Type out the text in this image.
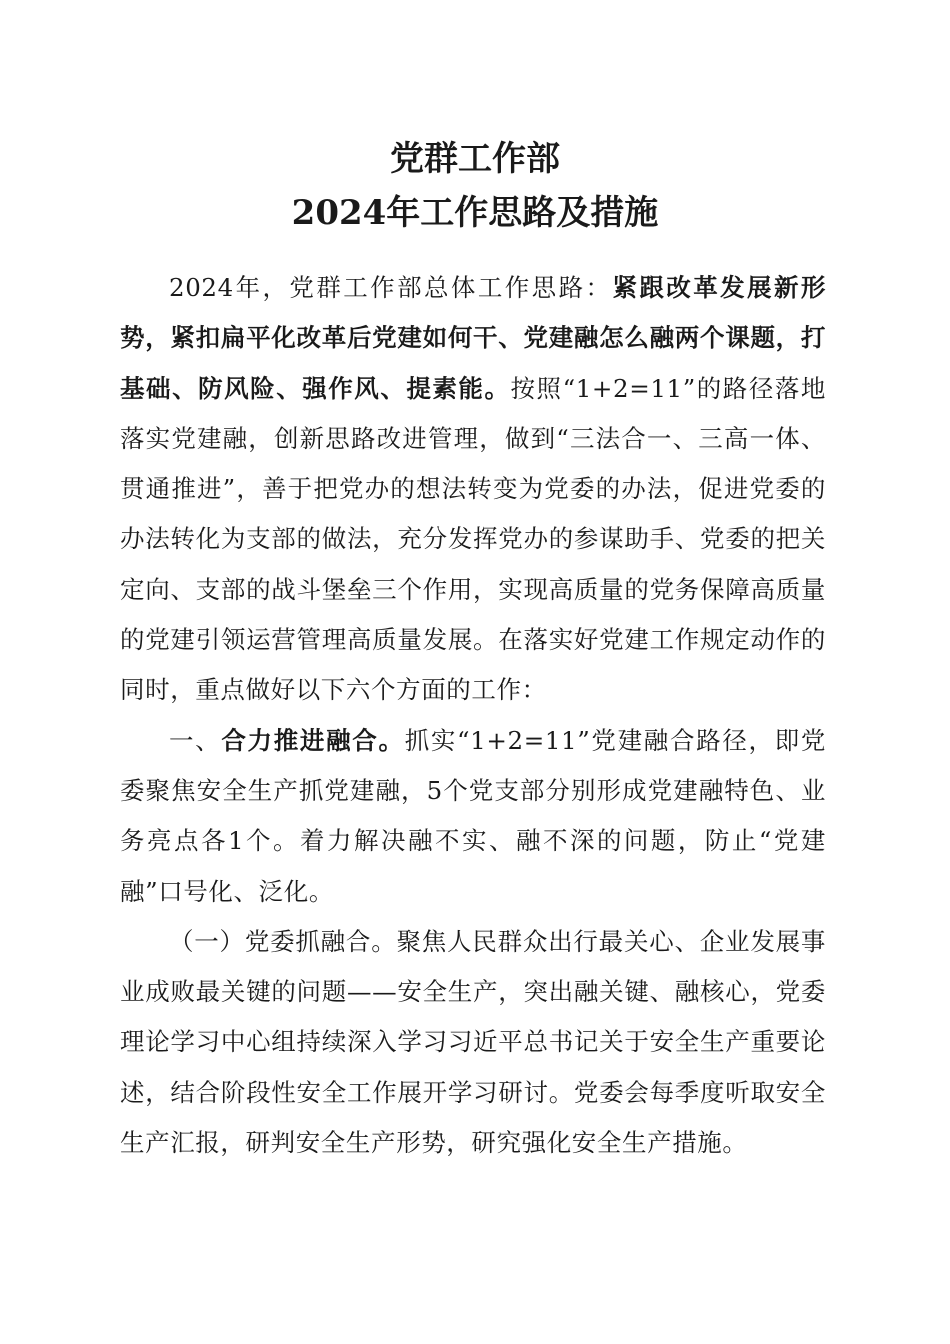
党群工作部
2024年工作思路及措施

2024年，党群工作部总体工作思路：紧跟改革发展新形势，紧扣扁平化改革后党建如何干、党建融怎么融两个课题，打基础、防风险、强作风、提素能。按照“1+2=11”的路径落地落实党建融，创新思路改进管理，做到“三法合一、三高一体、贯通推进”，善于把党办的想法转变为党委的办法，促进党委的办法转化为支部的做法，充分发挥党办的参谋助手、党委的把关定向、支部的战斗堡垒三个作用，实现高质量的党务保障高质量的党建引领运营管理高质量发展。在落实好党建工作规定动作的同时，重点做好以下六个方面的工作：

一、合力推进融合。抓实“1+2=11”党建融合路径，即党委聚焦安全生产抓党建融，5个党支部分别形成党建融特色、业务亮点各1个。着力解决融不实、融不深的问题，防止“党建融”口号化、泛化。

（一）党委抓融合。聚焦人民群众出行最关心、企业发展事业成败最关键的问题——安全生产，突出融关键、融核心，党委理论学习中心组持续深入学习习近平总书记关于安全生产重要论述，结合阶段性安全工作展开学习研讨。党委会每季度听取安全生产汇报，研判安全生产形势，研究强化安全生产措施。
